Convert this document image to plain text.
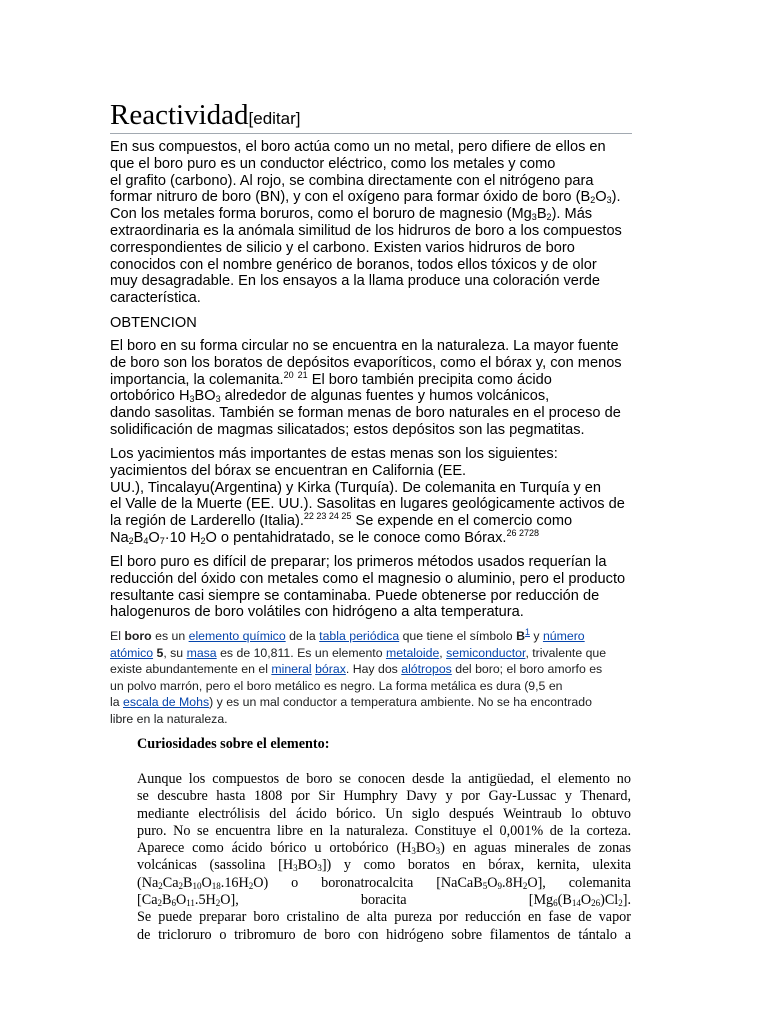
Reactividad[editar]

En sus compuestos, el boro actúa como un no metal, pero difiere de ellos en

que el boro puro es un conductor eléctrico, como los metales y como

el grafito (carbono). Al rojo, se combina directamente con el nitrógeno para

formar nitruro de boro (BN), y con el oxígeno para formar óxido de boro $(B_2O_3)$.

Con los metales forma boruros, como el boruro de magnesio $(Mg_3B_2)$. Más

extraordinaria es la anómala similitud de los hidruros de boro a los compuestos

correspondientes de silicio y el carbono. Existen varios hidruros de boro

conocidos con el nombre genérico de boranos, todos ellos tóxicos y de olor

muy desagradable. En los ensayos a la llama produce una coloración verde

característica.

OBTENCION

El boro en su forma circular no se encuentra en la naturaleza. La mayor fuente

de boro son los boratos de depósitos evaporíticos, como el bórax y, con menos

importancia, la colemanita.$^{20}$ $^{21}$ El boro también precipita como ácido

ortobórico $H_3BO_3$ alrededor de algunas fuentes y humos volcánicos,

dando sasolitas. También se forman menas de boro naturales en el proceso de

solidificación de magmas silicatados; estos depósitos son las pegmatitas.

Los yacimientos más importantes de estas menas son los siguientes:

yacimientos del bórax se encuentran en California (EE.

UU.), Tincalayu(Argentina) y Kirka (Turquía). De colemanita en Turquía y en

el Valle de la Muerte (EE. UU.). Sasolitas en lugares geológicamente activos de

la región de Larderello (Italia).$^{22 23 24 25}$ Se expende en el comercio como

$Na_2B_4O_7\cdot 10$ $H_2O$ o pentahidratado, se le conoce como Bórax.$^{26 2728}$

El boro puro es difícil de preparar; los primeros métodos usados requerían la

reducción del óxido con metales como el magnesio o aluminio, pero el producto

resultante casi siempre se contaminaba. Puede obtenerse por reducción de

halogenuros de boro volátiles con hidrógeno a alta temperatura.

El boro es un elemento químico de la tabla periódica que tiene el símbolo $B^1$ y número
atómico 5, su masa es de 10,811. Es un elemento metaloide, semiconductor, trivalente que
existe abundantemente en el mineral bórax. Hay dos alótropos del boro; el boro amorfo es
un polvo marrón, pero el boro metálico es negro. La forma metálica es dura (9,5 en
la escala de Mohs) y es un mal conductor a temperatura ambiente. No se ha encontrado
libre en la naturaleza.
Curiosidades sobre el elemento:
Aunque los compuestos de boro se conocen desde la antigüedad, el elemento no
se descubre hasta 1808 por Sir Humphry Davy y por Gay-Lussac y Thenard,
mediante electrólisis del ácido bórico. Un siglo después Weintraub lo obtuvo
puro. No se encuentra libre en la naturaleza. Constituye el 0,001% de la corteza.
Aparece como ácido bórico u ortobórico $(H_3BO_3)$ en aguas minerales de zonas
volcánicas (sassolina $[H_3BO_3]$) y como boratos en bórax, kernita, ulexita
$(Na_2Ca_2B_{10}O_{18}.16H_2O)$ o boronatrocalcita $[NaCaB_5O_9.8H_2O]$, colemanita
$[Ca_2B_6O_{11}.5H_2O]$,	boracita	$[Mg_6(B_{14}O_{26})Cl_2]$.
Se puede preparar boro cristalino de alta pureza por reducción en fase de vapor
de tricloruro o tribromuro de boro con hidrógeno sobre filamentos de tántalo a
